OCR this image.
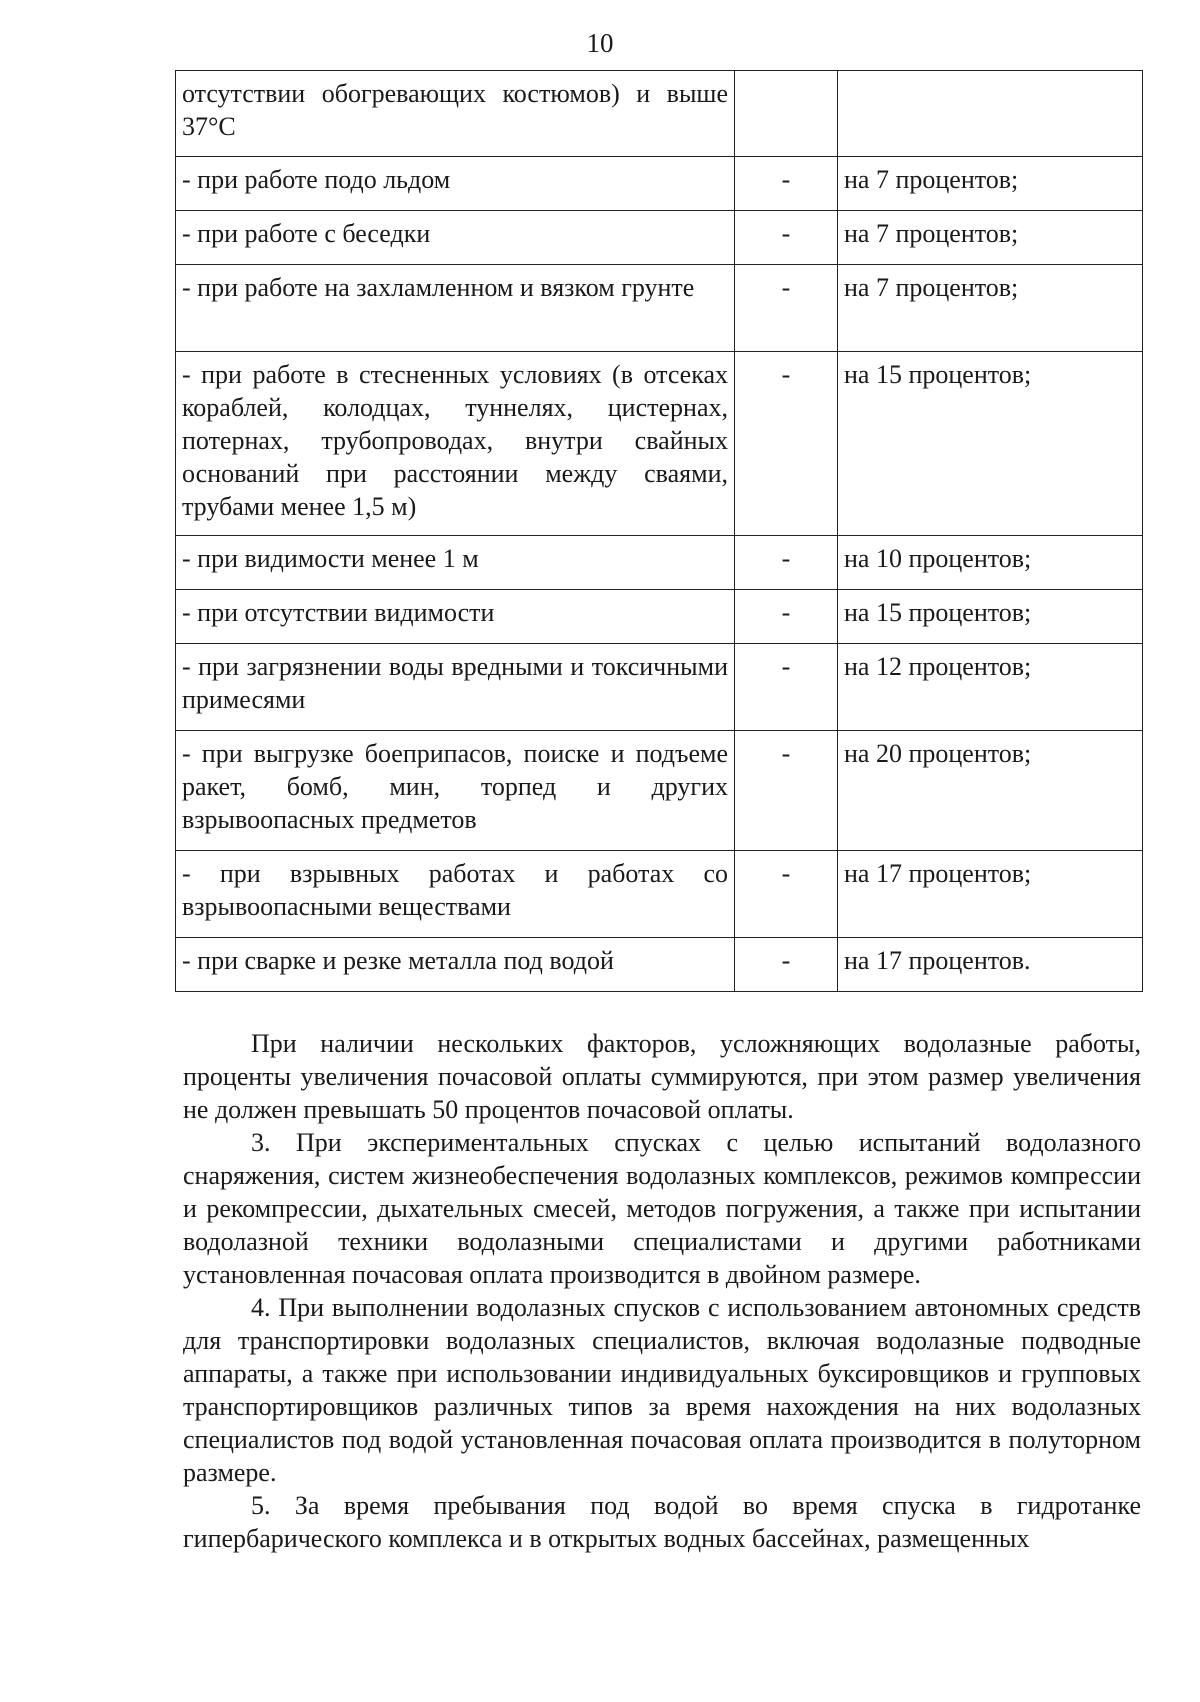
10
отсутствии обогревающих костюмов) и выше 37°C		
- при работе подо льдом	-	на 7 процентов;
- при работе с беседки	-	на 7 процентов;
- при работе на захламленном и вязком грунте	-	на 7 процентов;
- при работе в стесненных условиях (в отсеках кораблей, колодцах, туннелях, цистернах, потернах, трубопроводах, внутри свайных оснований при расстоянии между сваями, трубами менее 1,5 м)	-	на 15 процентов;
- при видимости менее 1 м	-	на 10 процентов;
- при отсутствии видимости	-	на 15 процентов;
- при загрязнении воды вредными и токсичными примесями	-	на 12 процентов;
- при выгрузке боеприпасов, поиске и подъеме ракет, бомб, мин, торпед и других взрывоопасных предметов	-	на 20 процентов;
- при взрывных работах и работах со взрывоопасными веществами	-	на 17 процентов;
- при сварке и резке металла под водой	-	на 17 процентов.

При наличии нескольких факторов, усложняющих водолазные работы, проценты увеличения почасовой оплаты суммируются, при этом размер увеличения не должен превышать 50 процентов почасовой оплаты.

3. При экспериментальных спусках с целью испытаний водолазного снаряжения, систем жизнеобеспечения водолазных комплексов, режимов компрессии и рекомпрессии, дыхательных смесей, методов погружения, а также при испытании водолазной техники водолазными специалистами и другими работниками установленная почасовая оплата производится в двойном размере.

4. При выполнении водолазных спусков с использованием автономных средств для транспортировки водолазных специалистов, включая водолазные подводные аппараты, а также при использовании индивидуальных буксировщиков и групповых транспортировщиков различных типов за время нахождения на них водолазных специалистов под водой установленная почасовая оплата производится в полуторном размере.

5. За время пребывания под водой во время спуска в гидротанке гипербарического комплекса и в открытых водных бассейнах, размещенных
